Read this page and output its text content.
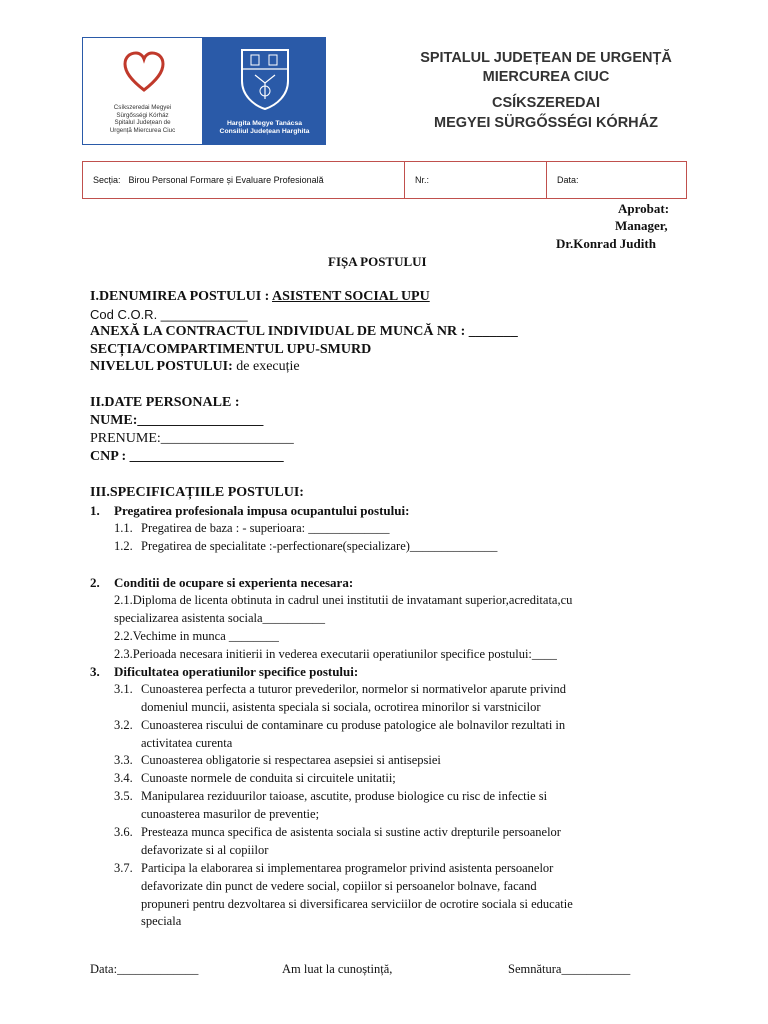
Csíkszeredai Megyei
Sürgősségi Kórház
Spitalul Județean de
Urgență Miercurea Ciuc
Hargita Megye Tanácsa
Consiliul Județean Harghita
SPITALUL JUDEȚEAN DE URGENȚĂ
MIERCUREA CIUC
CSÍKSZEREDAI
MEGYEI SÜRGŐSSÉGI KÓRHÁZ
Secția: Birou Personal Formare și Evaluare Profesională	Nr.:	Data:
Aprobat:
Manager,
Dr.Konrad Judith
FIȘA POSTULUI
I.DENUMIREA POSTULUI : ASISTENT SOCIAL UPU
Cod C.O.R. ____________
ANEXĂ LA CONTRACTUL INDIVIDUAL DE MUNCĂ NR : _______
SECȚIA/COMPARTIMENTUL UPU-SMURD
NIVELUL POSTULUI: de execuție
II.DATE PERSONALE :
NUME:__________________
PRENUME:___________________
CNP : ______________________
III.SPECIFICAȚIILE POSTULUI:
1. Pregatirea profesionala impusa ocupantului postului:
1.1. Pregatirea de baza : - superioara: _____________
1.2. Pregatirea de specialitate :-perfectionare(specializare)______________
2. Conditii de ocupare si experienta necesara:
2.1.Diploma de licenta obtinuta in cadrul unei institutii de invatamant superior,acreditata,cu
specializarea asistenta sociala__________
2.2.Vechime in munca ________
2.3.Perioada necesara initierii in vederea executarii operatiunilor specifice postului:____
3. Dificultatea operatiunilor specifice postului:
3.1. Cunoasterea perfecta a tuturor prevederilor, normelor si normativelor aparute privind
domeniul muncii, asistenta speciala si sociala, ocrotirea minorilor si varstnicilor
3.2. Cunoasterea riscului de contaminare cu produse patologice ale bolnavilor rezultati in
activitatea curenta
3.3. Cunoasterea obligatorie si respectarea asepsiei si antisepsiei
3.4. Cunoaste normele de conduita si circuitele unitatii;
3.5. Manipularea reziduurilor taioase, ascutite, produse biologice cu risc de infectie si
cunoasterea masurilor de preventie;
3.6. Presteaza munca specifica de asistenta sociala si sustine activ drepturile persoanelor
defavorizate si al copiilor
3.7. Participa la elaborarea si implementarea programelor privind asistenta persoanelor
defavorizate din punct de vedere social, copiilor si persoanelor bolnave, facand
propuneri pentru dezvoltarea si diversificarea serviciilor de ocrotire sociala si educatie
speciala
Data:_____________	Am luat la cunoștință,	Semnătura___________
